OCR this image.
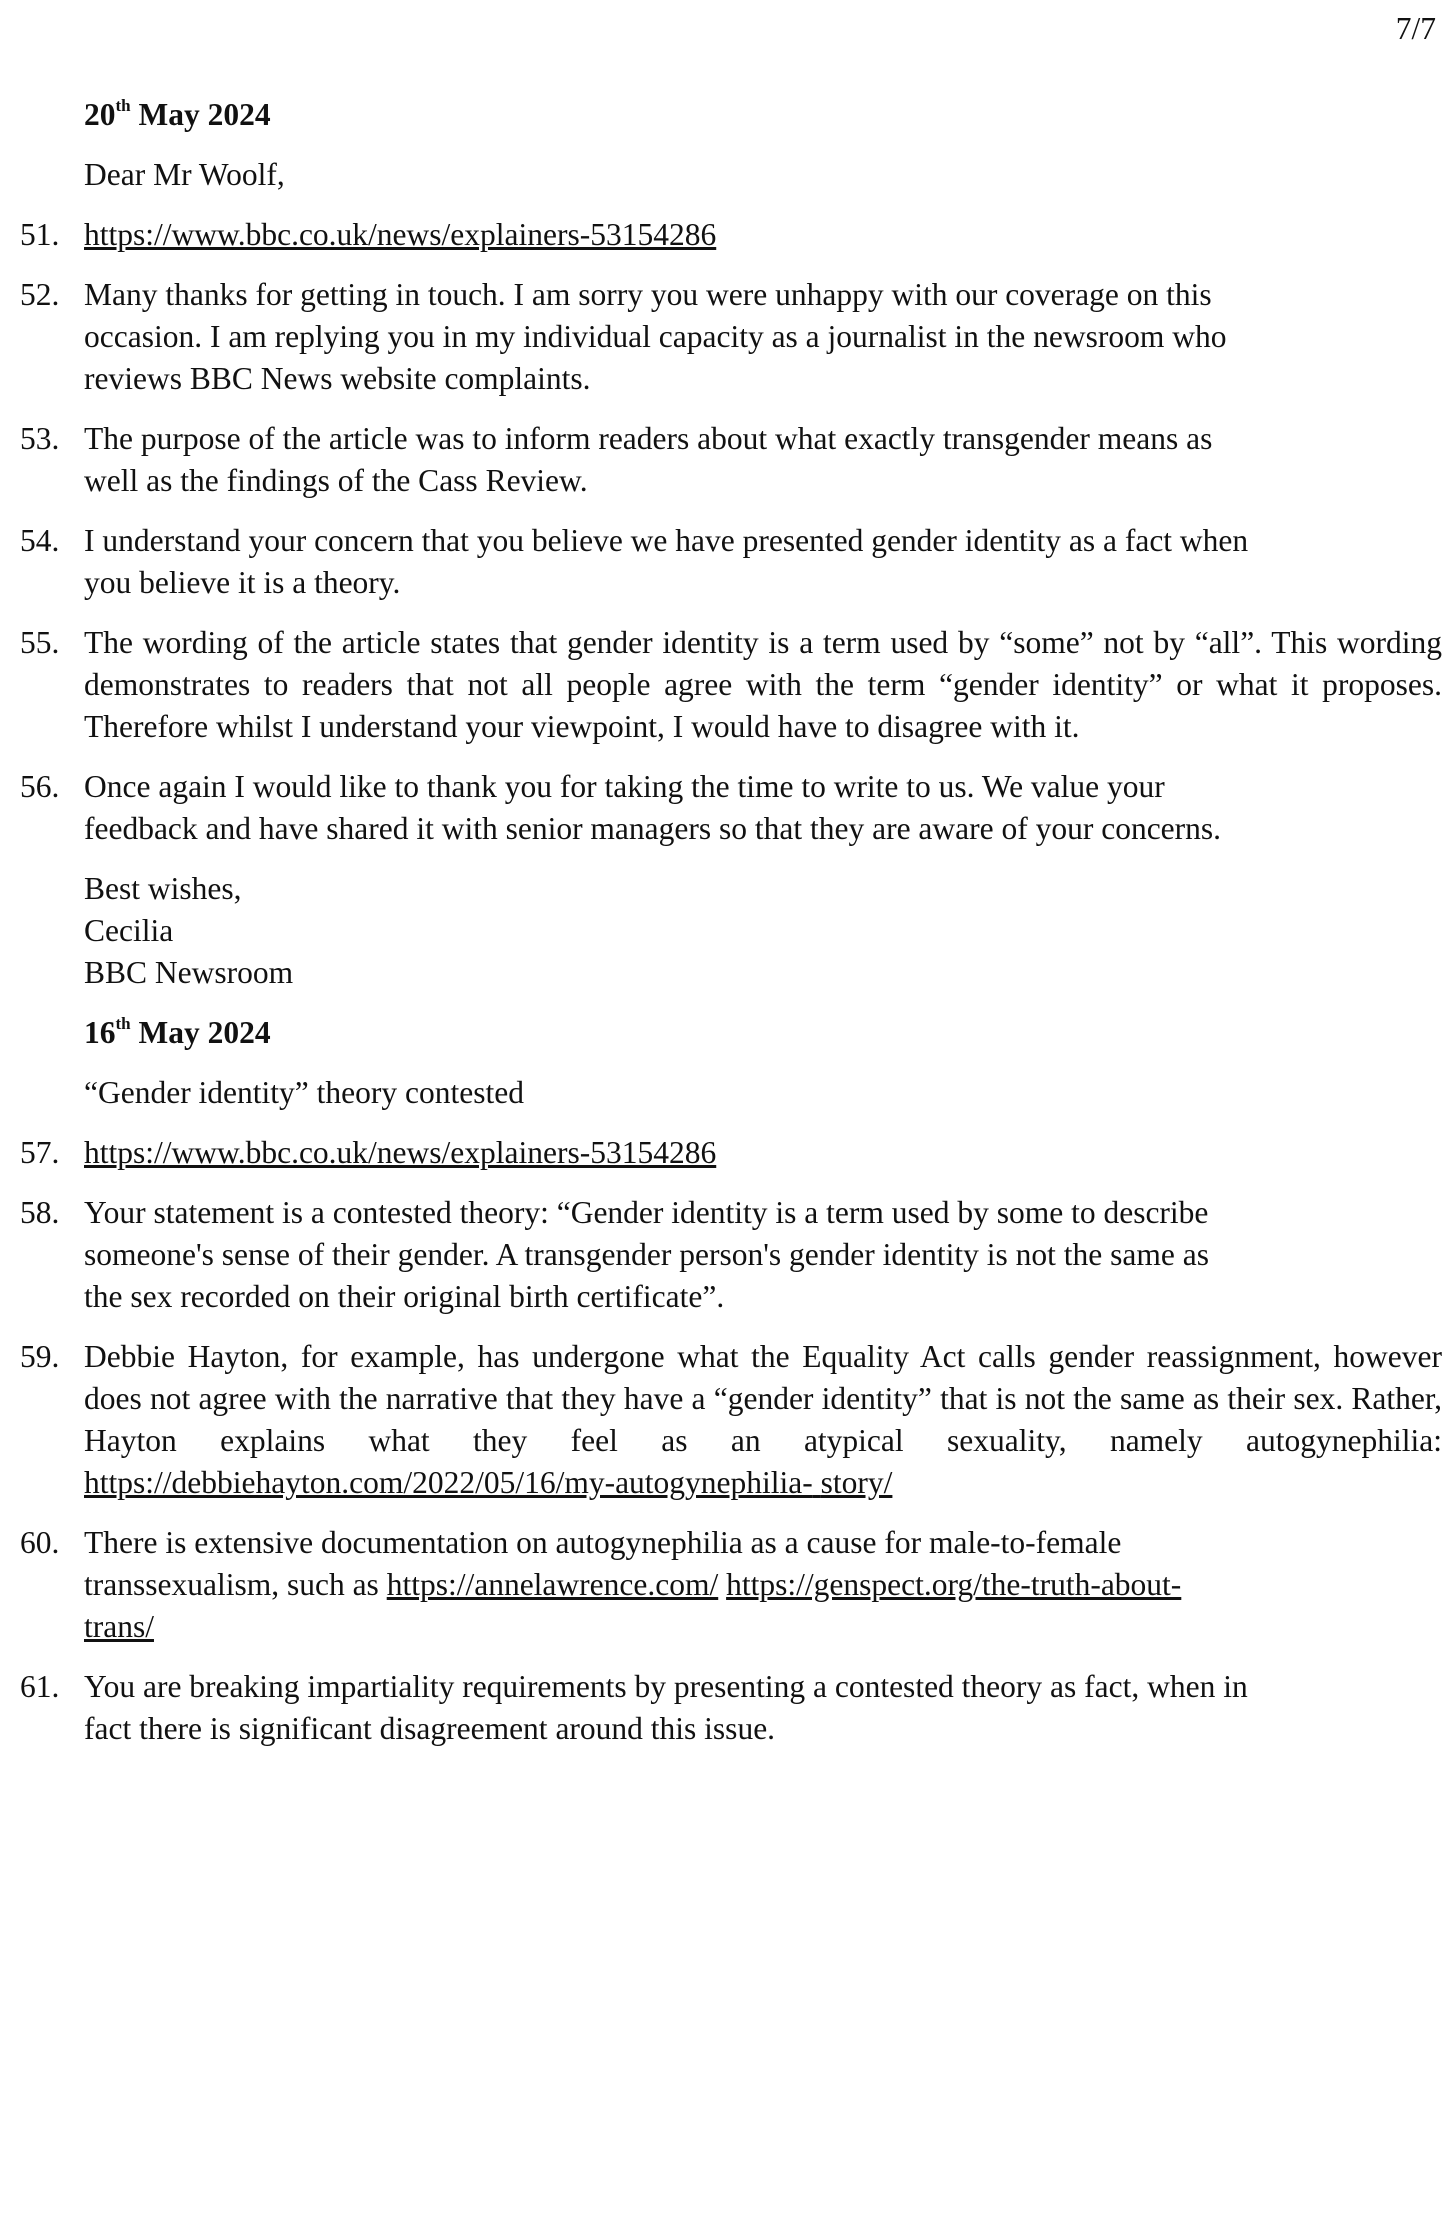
7/7

20th May 2024

Dear Mr Woolf,

51. https://www.bbc.co.uk/news/explainers-53154286
52. Many thanks for getting in touch. I am sorry you were unhappy with our coverage on this
occasion. I am replying you in my individual capacity as a journalist in the newsroom who
reviews BBC News website complaints.
53. The purpose of the article was to inform readers about what exactly transgender means as
well as the findings of the Cass Review.
54. I understand your concern that you believe we have presented gender identity as a fact when
you believe it is a theory.
55. The wording of the article states that gender identity is a term used by “some” not by “all”. This wording demonstrates to readers that not all people agree with the term “gender identity” or what it proposes. Therefore whilst I understand your viewpoint, I would have to disagree with it.
56. Once again I would like to thank you for taking the time to write to us. We value your
feedback and have shared it with senior managers so that they are aware of your concerns.
Best wishes,
Cecilia
BBC Newsroom

16th May 2024

“Gender identity” theory contested

57. https://www.bbc.co.uk/news/explainers-53154286
58. Your statement is a contested theory: “Gender identity is a term used by some to describe
someone's sense of their gender. A transgender person's gender identity is not the same as
the sex recorded on their original birth certificate”.
59. Debbie Hayton, for example, has undergone what the Equality Act calls gender reassignment, however does not agree with the narrative that they have a “gender identity” that is not the same as their sex. Rather, Hayton explains what they feel as an atypical sexuality, namely autogynephilia: https://debbiehayton.com/2022/05/16/my-autogynephilia- story/
60. There is extensive documentation on autogynephilia as a cause for male-to-female
transsexualism, such as https://annelawrence.com/ https://genspect.org/the-truth-about-
trans/
61. You are breaking impartiality requirements by presenting a contested theory as fact, when in
fact there is significant disagreement around this issue.
